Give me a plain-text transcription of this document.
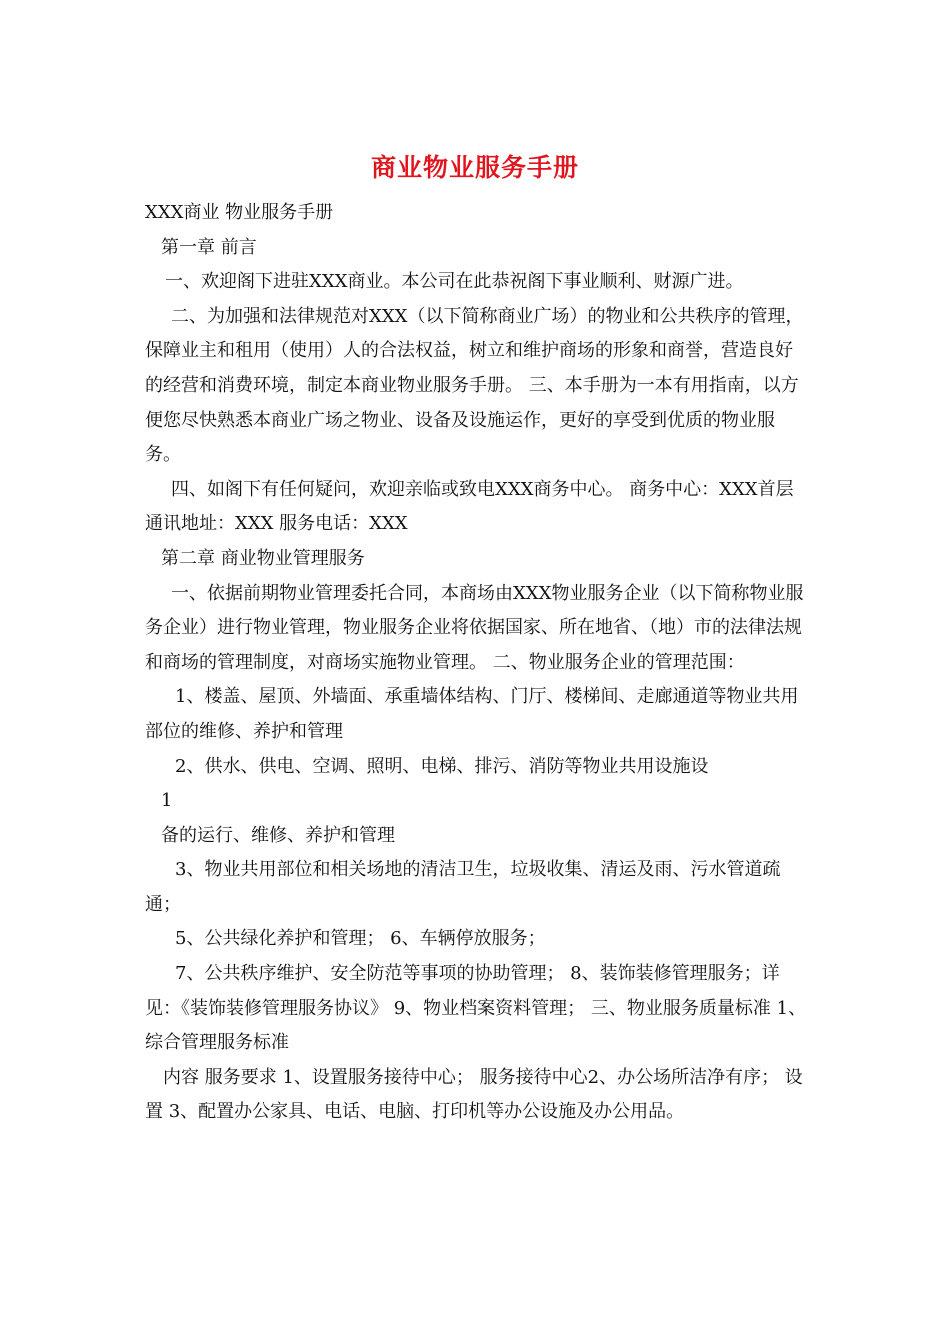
商业物业服务手册

XXX商业 物业服务手册

第一章 前言

一、欢迎阁下进驻XXX商业。本公司在此恭祝阁下事业顺利、财源广进。

二、为加强和法律规范对XXX（以下简称商业广场）的物业和公共秩序的管理，保障业主和租用（使用）人的合法权益，树立和维护商场的形象和商誉，营造良好的经营和消费环境，制定本商业物业服务手册。 三、本手册为一本有用指南，以方便您尽快熟悉本商业广场之物业、设备及设施运作，更好的享受到优质的物业服务。

四、如阁下有任何疑问，欢迎亲临或致电XXX商务中心。 商务中心：XXX首层 通讯地址：XXX 服务电话：XXX

第二章 商业物业管理服务

一、依据前期物业管理委托合同，本商场由XXX物业服务企业（以下简称物业服务企业）进行物业管理，物业服务企业将依据国家、所在地省、（地）市的法律法规和商场的管理制度，对商场实施物业管理。 二、物业服务企业的管理范围：

1、楼盖、屋顶、外墙面、承重墙体结构、门厅、楼梯间、走廊通道等物业共用部位的维修、养护和管理

2、供水、供电、空调、照明、电梯、排污、消防等物业共用设施设

1

备的运行、维修、养护和管理

3、物业共用部位和相关场地的清洁卫生，垃圾收集、清运及雨、污水管道疏通；

5、公共绿化养护和管理； 6、车辆停放服务；

7、公共秩序维护、安全防范等事项的协助管理； 8、装饰装修管理服务；详见：《装饰装修管理服务协议》 9、物业档案资料管理； 三、物业服务质量标准 1、综合管理服务标准

内容 服务要求 1、设置服务接待中心； 服务接待中心2、办公场所洁净有序； 设置 3、配置办公家具、电话、电脑、打印机等办公设施及办公用品。
